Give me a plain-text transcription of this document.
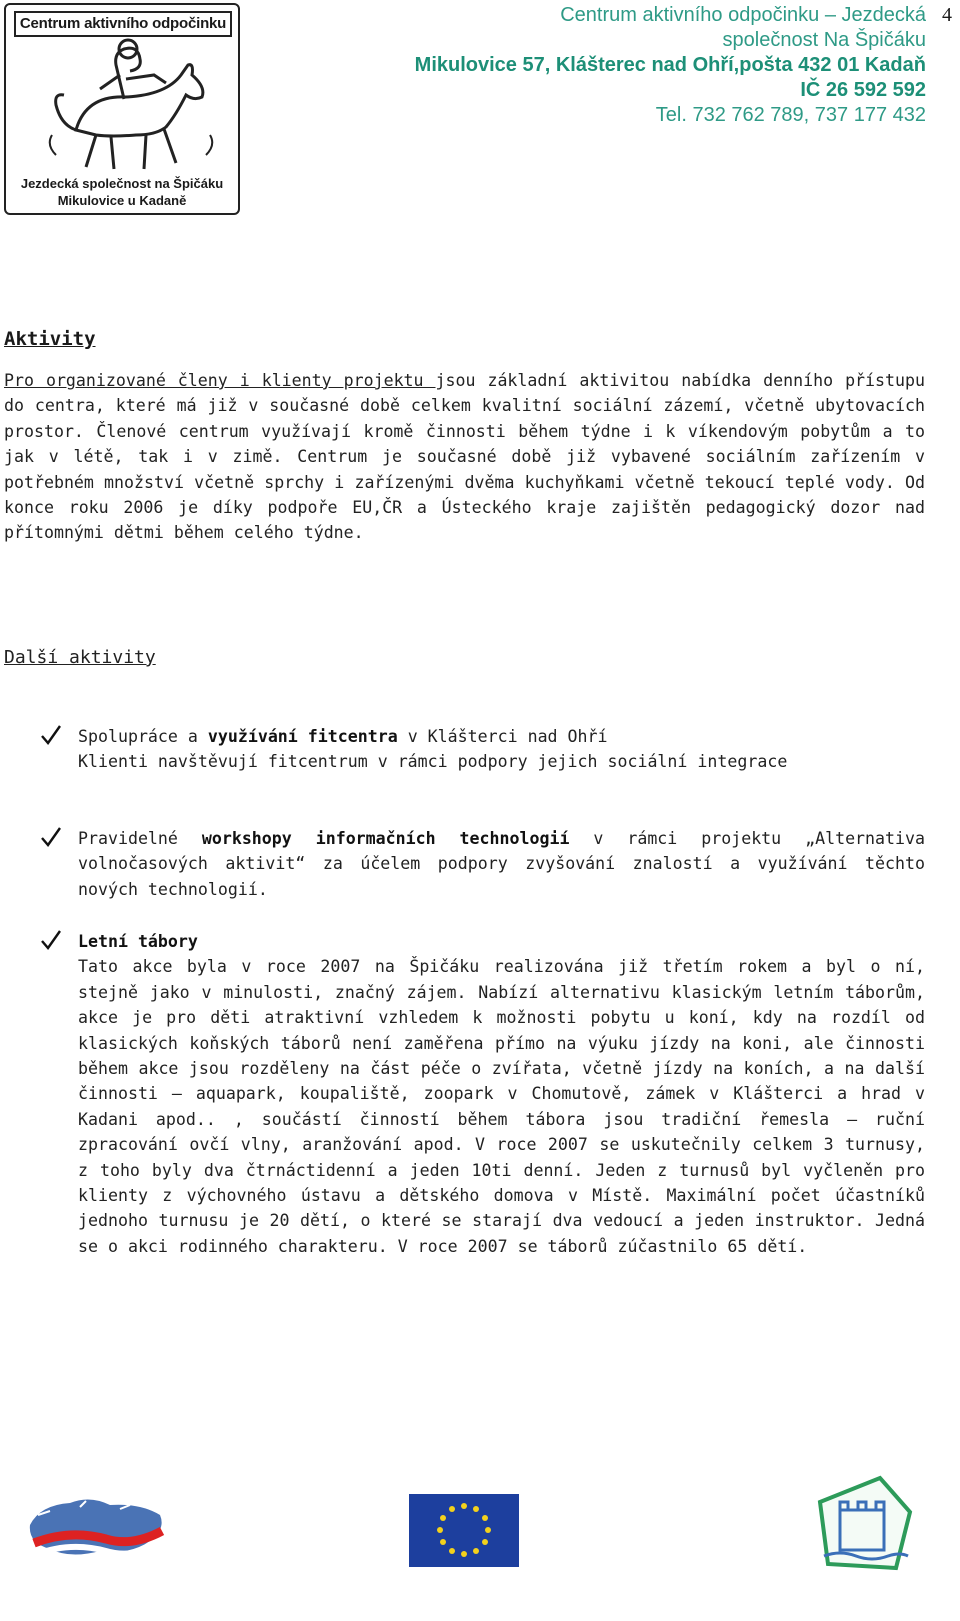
Centrum aktivního odpočinku
Jezdecká společnost na Špičáku
Mikulovice u Kadaně
Centrum aktivního odpočinku – Jezdecká
společnost Na Špičáku
Mikulovice 57, Klášterec nad Ohří,pošta 432 01 Kadaň
IČ 26 592 592
Tel. 732 762 789, 737 177 432
4
Aktivity
Pro organizované členy i klienty projektu jsou základní aktivitou nabídka denního přístupu do centra, které má již v současné době celkem kvalitní sociální zázemí, včetně ubytovacích prostor. Členové centrum využívají kromě činnosti během týdne i k víkendovým pobytům a to jak v létě, tak i v zimě. Centrum je současné době již vybavené sociálním zařízením v potřebném množství včetně sprchy i zařízenými dvěma kuchyňkami včetně tekoucí teplé vody. Od konce roku 2006 je díky podpoře EU,ČR a Ústeckého kraje zajištěn pedagogický dozor nad přítomnými dětmi během celého týdne.
Další aktivity
Spolupráce a využívání fitcentra v Klášterci nad Ohří
Klienti navštěvují fitcentrum v rámci podpory jejich sociální integrace
Pravidelné workshopy informačních technologií v rámci projektu „Alternativa volnočasových aktivit“ za účelem podpory zvyšování znalostí a využívání těchto nových technologií.
Letní tábory
Tato akce byla v roce 2007 na Špičáku realizována již třetím rokem a byl o ní, stejně jako v minulosti, značný zájem. Nabízí alternativu klasickým letním táborům, akce je pro děti atraktivní vzhledem k možnosti pobytu u koní, kdy na rozdíl od klasických koňských táborů není zaměřena přímo na výuku jízdy na koni, ale činnosti během akce jsou rozděleny na část péče o zvířata, včetně jízdy na koních, a na další činnosti – aquapark, koupaliště, zoopark v Chomutově, zámek v Klášterci a hrad v Kadani apod.. , součástí činností během tábora jsou tradiční řemesla – ruční zpracování ovčí vlny, aranžování apod. V roce 2007 se uskutečnily celkem 3 turnusy, z toho byly dva čtrnáctidenní a jeden 10ti denní. Jeden z turnusů byl vyčleněn pro klienty z výchovného ústavu a dětského domova v Místě. Maximální počet účastníků jednoho turnusu je 20 dětí, o které se starají dva vedoucí a jeden instruktor. Jedná se o akci rodinného charakteru. V roce 2007 se táborů zúčastnilo 65 dětí.
